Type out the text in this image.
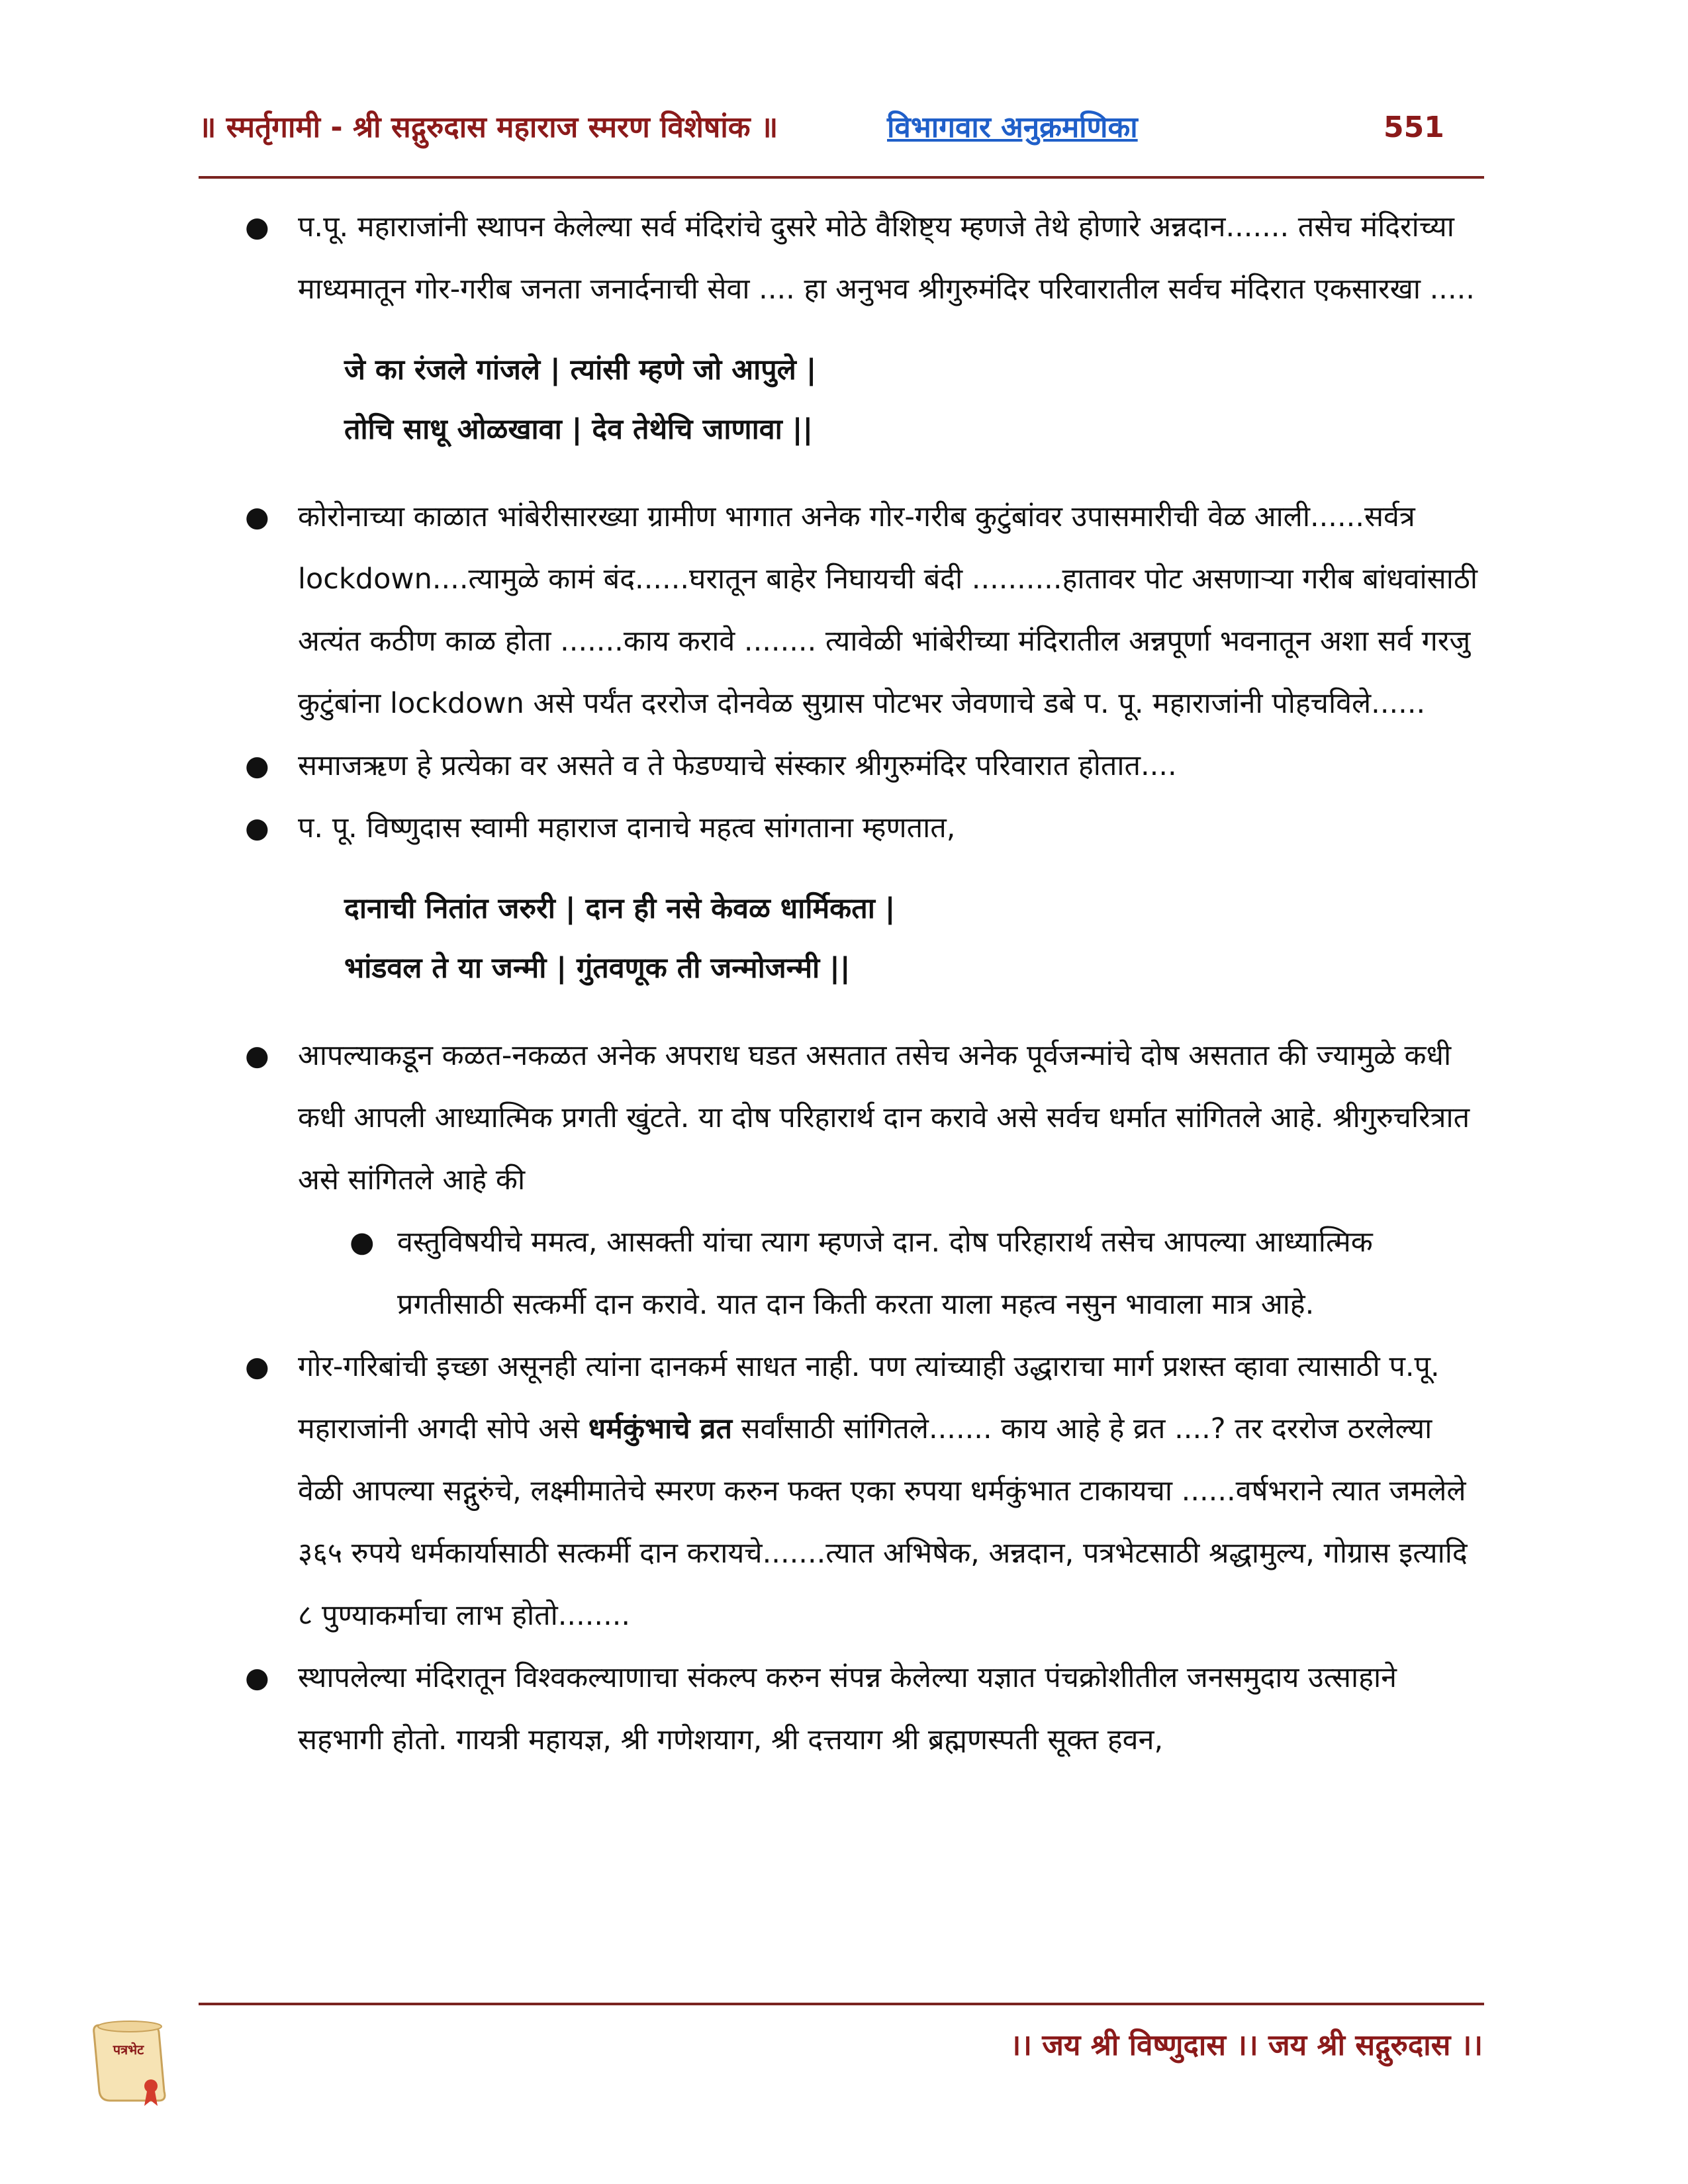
॥ स्मर्तृगामी - श्री सद्गुरुदास महाराज स्मरण विशेषांक ॥	विभागवार अनुक्रमणिका	551
● प.पू. महाराजांनी स्थापन केलेल्या सर्व मंदिरांचे दुसरे मोठे वैशिष्ट्य म्हणजे तेथे होणारे अन्नदान....... तसेच मंदिरांच्या माध्यमातून गोर-गरीब जनता जनार्दनाची सेवा .... हा अनुभव श्रीगुरुमंदिर परिवारातील सर्वच मंदिरात एकसारखा .....
जे का रंजले गांजले | त्यांसी म्हणे जो आपुले |
तोचि साधू ओळखावा | देव तेथेचि जाणावा ||
● कोरोनाच्या काळात भांबेरीसारख्या ग्रामीण भागात अनेक गोर-गरीब कुटुंबांवर उपासमारीची वेळ आली......सर्वत्र lockdown....त्यामुळे कामं बंद......घरातून बाहेर निघायची बंदी ..........हातावर पोट असणाऱ्या गरीब बांधवांसाठी अत्यंत कठीण काळ होता .......काय करावे ........ त्यावेळी भांबेरीच्या मंदिरातील अन्नपूर्णा भवनातून अशा सर्व गरजु कुटुंबांना lockdown असे पर्यंत दररोज दोनवेळ सुग्रास पोटभर जेवणाचे डबे प. पू. महाराजांनी पोहचविले......
● समाजऋण हे प्रत्येका वर असते व ते फेडण्याचे संस्कार श्रीगुरुमंदिर परिवारात होतात....
● प. पू. विष्णुदास स्वामी महाराज दानाचे महत्व सांगताना म्हणतात,
दानाची नितांत जरुरी | दान ही नसे केवळ धार्मिकता |
भांडवल ते या जन्मी | गुंतवणूक ती जन्मोजन्मी ||
● आपल्याकडून कळत-नकळत अनेक अपराध घडत असतात तसेच अनेक पूर्वजन्मांचे दोष असतात की ज्यामुळे कधी कधी आपली आध्यात्मिक प्रगती खुंटते. या दोष परिहारार्थ दान करावे असे सर्वच धर्मात सांगितले आहे. श्रीगुरुचरित्रात असे सांगितले आहे की
● वस्तुविषयीचे ममत्व, आसक्ती यांचा त्याग म्हणजे दान. दोष परिहारार्थ तसेच आपल्या आध्यात्मिक प्रगतीसाठी सत्कर्मी दान करावे. यात दान किती करता याला महत्व नसुन भावाला मात्र आहे.
● गोर-गरिबांची इच्छा असूनही त्यांना दानकर्म साधत नाही. पण त्यांच्याही उद्धाराचा मार्ग प्रशस्त व्हावा त्यासाठी प.पू. महाराजांनी अगदी सोपे असे धर्मकुंभाचे व्रत सर्वांसाठी सांगितले....... काय आहे हे व्रत ....? तर दररोज ठरलेल्या वेळी आपल्या सद्गुरुंचे, लक्ष्मीमातेचे स्मरण करुन फक्त एका रुपया धर्मकुंभात टाकायचा ......वर्षभराने त्यात जमलेले ३६५ रुपये धर्मकार्यासाठी सत्कर्मी दान करायचे.......त्यात अभिषेक, अन्नदान, पत्रभेटसाठी श्रद्धामुल्य, गोग्रास इत्यादि ८ पुण्याकर्माचा लाभ होतो........
● स्थापलेल्या मंदिरातून विश्वकल्याणाचा संकल्प करुन संपन्न केलेल्या यज्ञात पंचक्रोशीतील जनसमुदाय उत्साहाने सहभागी होतो. गायत्री महायज्ञ, श्री गणेशयाग, श्री दत्तयाग श्री ब्रह्मणस्पती सूक्त हवन,
पत्रभेट	।। जय श्री विष्णुदास ।। जय श्री सद्गुरुदास ।।
